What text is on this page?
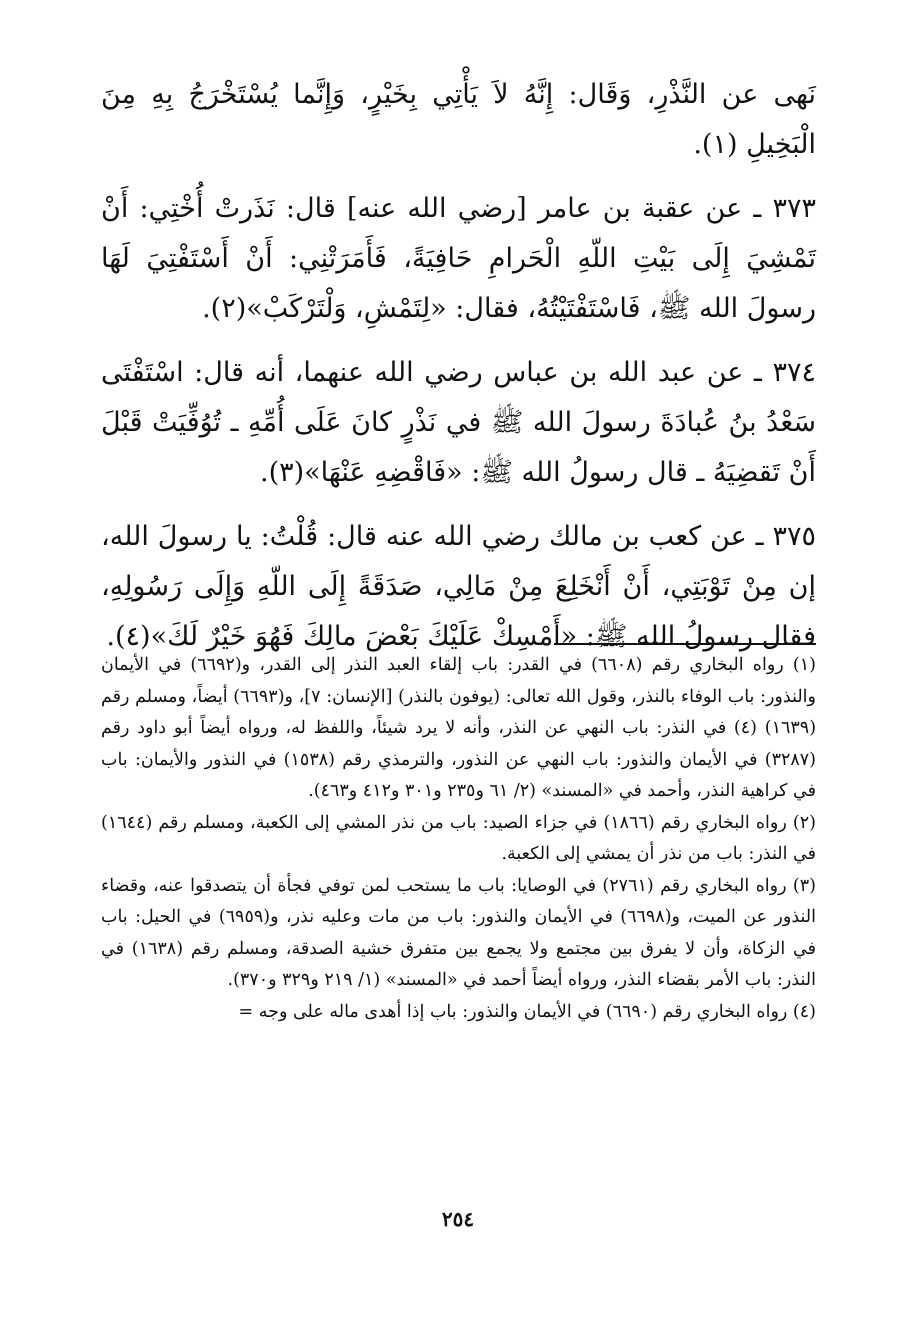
نَهى عن النَّذْرِ، وَقَال: إِنَّهُ لاَ يَأْتِي بِخَيْرٍ، وَإِنَّما يُسْتَخْرَجُ بِهِ مِنَ الْبَخِيلِ (١).

٣٧٣ ـ عن عقبة بن عامر [رضي الله عنه] قال: نَذَرتْ أُخْتِي: أَنْ تَمْشِيَ إِلَى بَيْتِ اللّهِ الْحَرامِ حَافِيَةً، فَأَمَرَتْنِي: أَنْ أَسْتَفْتِيَ لَهَا رسولَ الله ﷺ، فَاسْتَفْتَيْتُهُ، فقال: «لِتَمْشِ، وَلْتَرْكَبْ»(٢).

٣٧٤ ـ عن عبد الله بن عباس رضي الله عنهما، أنه قال: اسْتَفْتَى سَعْدُ بنُ عُبادَةَ رسولَ الله ﷺ في نَذْرٍ كانَ عَلَى أُمِّهِ ـ تُوُفِّيَتْ قَبْلَ أَنْ تَقضِيَهُ ـ قال رسولُ الله ﷺ: «فَاقْضِهِ عَنْهَا»(٣).

٣٧٥ ـ عن كعب بن مالك رضي الله عنه قال: قُلْتُ: يا رسولَ الله، إن مِنْ تَوْبَتِي، أَنْ أَنْخَلِعَ مِنْ مَالِي، صَدَقَةً إِلَى اللّهِ وَإِلَى رَسُولِهِ، فقال رسولُ الله ﷺ: «أَمْسِكْ عَلَيْكَ بَعْضَ مالِكَ فَهُوَ خَيْرٌ لَكَ»(٤).

(١) رواه البخاري رقم (٦٦٠٨) في القدر: باب إلقاء العبد النذر إلى القدر، و(٦٦٩٢) في الأيمان والنذور: باب الوفاء بالنذر، وقول الله تعالى: (يوفون بالنذر) [الإنسان: ٧]، و(٦٦٩٣) أيضاً، ومسلم رقم (١٦٣٩) (٤) في النذر: باب النهي عن النذر، وأنه لا يرد شيئاً، واللفظ له، ورواه أيضاً أبو داود رقم (٣٢٨٧) في الأيمان والنذور: باب النهي عن النذور، والترمذي رقم (١٥٣٨) في النذور والأيمان: باب في كراهية النذر، وأحمد في «المسند» (٢/ ٦١ و٢٣٥ و٣٠١ و٤١٢ و٤٦٣).

(٢) رواه البخاري رقم (١٨٦٦) في جزاء الصيد: باب من نذر المشي إلى الكعبة، ومسلم رقم (١٦٤٤) في النذر: باب من نذر أن يمشي إلى الكعبة.

(٣) رواه البخاري رقم (٢٧٦١) في الوصايا: باب ما يستحب لمن توفي فجأة أن يتصدقوا عنه، وقضاء النذور عن الميت، و(٦٦٩٨) في الأيمان والنذور: باب من مات وعليه نذر، و(٦٩٥٩) في الحيل: باب في الزكاة، وأن لا يفرق بين مجتمع ولا يجمع بين متفرق خشية الصدقة، ومسلم رقم (١٦٣٨) في النذر: باب الأمر بقضاء النذر، ورواه أيضاً أحمد في «المسند» (١/ ٢١٩ و٣٢٩ و٣٧٠).

(٤) رواه البخاري رقم (٦٦٩٠) في الأيمان والنذور: باب إذا أهدى ماله على وجه =

٢٥٤
